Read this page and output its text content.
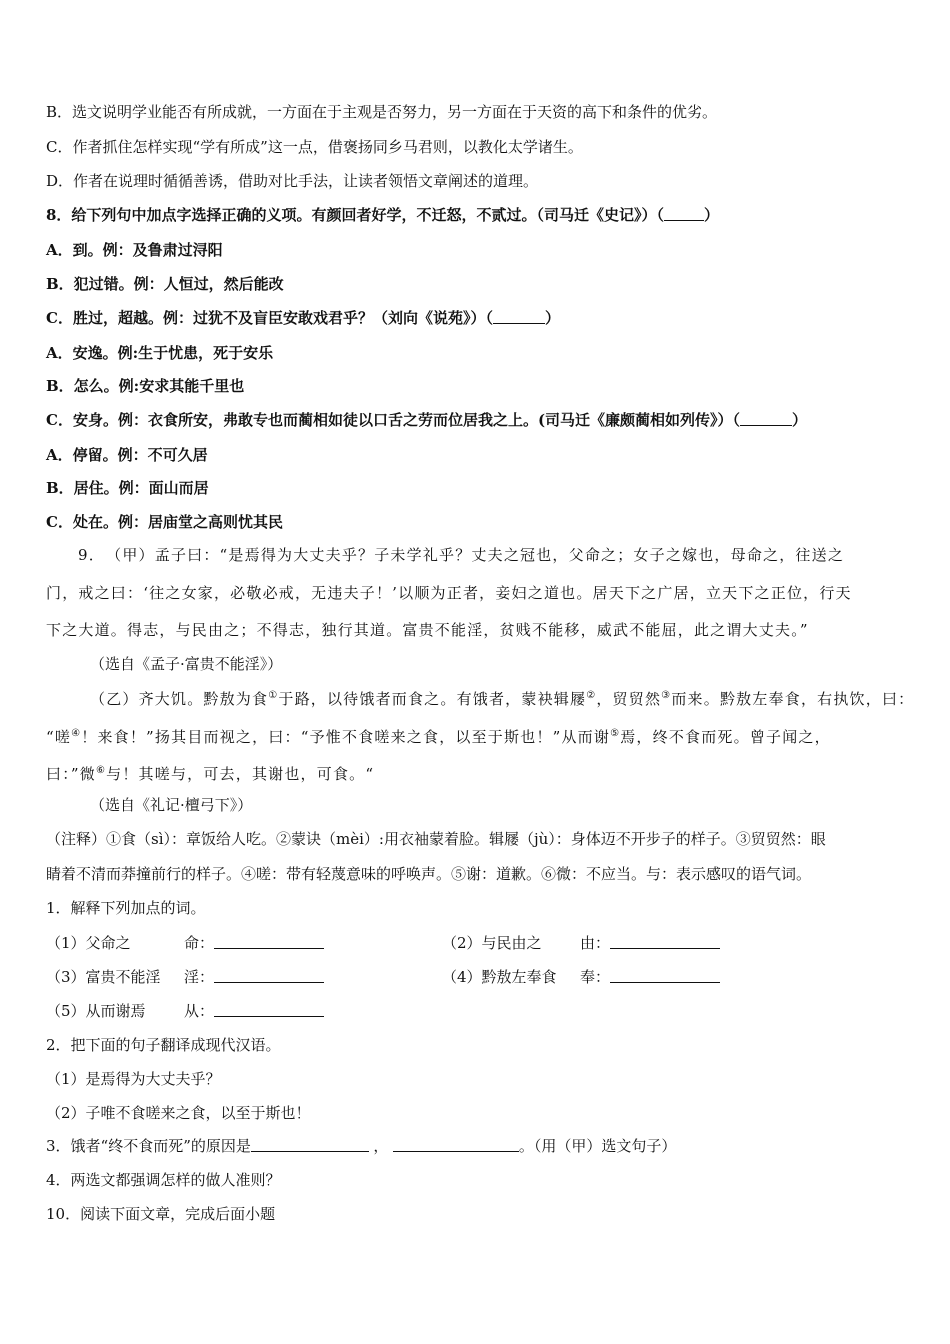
B．选文说明学业能否有所成就，一方面在于主观是否努力，另一方面在于天资的高下和条件的优劣。
C．作者抓住怎样实现“学有所成”这一点，借褒扬同乡马君则，以教化太学诸生。
D．作者在说理时循循善诱，借助对比手法，让读者领悟文章阐述的道理。
8．给下列句中加点字选择正确的义项。有颜回者好学，不迁怒，不贰过。（司马迁《史记》）（	）
A．到。例：及鲁肃过浔阳
B．犯过错。例：人恒过，然后能改
C．胜过，超越。例：过犹不及盲臣安敢戏君乎？（刘向《说苑》）（	）
A．安逸。例:生于忧患，死于安乐
B．怎么。例:安求其能千里也
C．安身。例：衣食所安，弗敢专也而蔺相如徒以口舌之劳而位居我之上。(司马迁《廉颇蔺相如列传》）（	）
A．停留。例：不可久居
B．居住。例：面山而居
C．处在。例：居庙堂之高则忧其民
9．　（甲）孟子曰：“是焉得为大丈夫乎？子未学礼乎？丈夫之冠也，父命之；女子之嫁也，母命之，往送之
门，戒之曰：‘往之女家，必敬必戒，无违夫子！’以顺为正者，妾妇之道也。居天下之广居，立天下之正位，行天
下之大道。得志，与民由之；不得志，独行其道。富贵不能淫，贫贱不能移，威武不能屈，此之谓大丈夫。”
（选自《孟子·富贵不能淫》）
（乙）齐大饥。黔敖为食①于路，以待饿者而食之。有饿者，蒙袂辑屦②，贸贸然③而来。黔敖左奉食，右执饮，曰：
“嗟④！来食！”扬其目而视之，曰：“予惟不食嗟来之食，以至于斯也！”从而谢⑤焉，终不食而死。曾子闻之，
曰：”微⑥与！其嗟与，可去，其谢也，可食。“
（选自《礼记·檀弓下》）
（注释）①食（sì）：章饭给人吃。②蒙诀（mèi）:用衣袖蒙着脸。辑屦（jù）：身体迈不开步子的样子。③贸贸然：眼
睛着不清而莽撞前行的样子。④嗟：带有轻蔑意味的呼唤声。⑤谢：道歉。⑥微：不应当。与：表示感叹的语气词。
1．解释下列加点的词。
（1）父命之	命：	（2）与民由之	由：
（3）富贵不能淫 淫：	（4）黔敖左奉食 奉：
（5）从而谢焉	从：
2．把下面的句子翻译成现代汉语。
（1）是焉得为大丈夫乎？
（2）子唯不食嗟来之食，以至于斯也！
3．饿者“终不食而死”的原因是	，	。（用（甲）选文句子）
4．两选文都强调怎样的做人准则？
10．阅读下面文章，完成后面小题
